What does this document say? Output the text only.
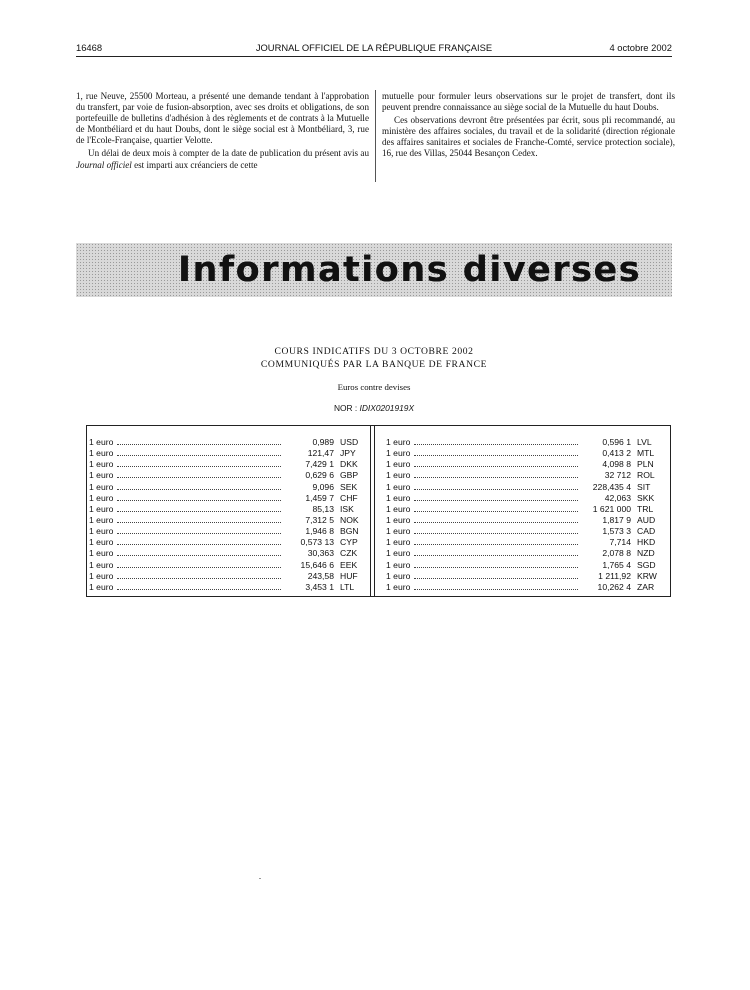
16468	JOURNAL OFFICIEL DE LA RÉPUBLIQUE FRANÇAISE	4 octobre 2002

1, rue Neuve, 25500 Morteau, a présenté une demande tendant à l'approbation du transfert, par voie de fusion-absorption, avec ses droits et obligations, de son portefeuille de bulletins d'adhésion à des règlements et de contrats à la Mutuelle de Montbéliard et du haut Doubs, dont le siège social est à Montbéliard, 3, rue de l'Ecole-Française, quartier Velotte.

Un délai de deux mois à compter de la date de publication du présent avis au Journal officiel est imparti aux créanciers de cette

mutuelle pour formuler leurs observations sur le projet de transfert, dont ils peuvent prendre connaissance au siège social de la Mutuelle du haut Doubs.

Ces observations devront être présentées par écrit, sous pli recommandé, au ministère des affaires sociales, du travail et de la solidarité (direction régionale des affaires sanitaires et sociales de Franche-Comté, service protection sociale), 16, rue des Villas, 25044 Besançon Cedex.

Informations diverses
COURS INDICATIFS DU 3 OCTOBRE 2002
COMMUNIQUÉS PAR LA BANQUE DE FRANCE
Euros contre devises
NOR : IDIX0201919X
1 euro	0,989 USD
1 euro	121,47 JPY
1 euro	7,429 1 DKK
1 euro	0,629 6 GBP
1 euro	9,096 SEK
1 euro	1,459 7 CHF
1 euro	85,13 ISK
1 euro	7,312 5 NOK
1 euro	1,946 8 BGN
1 euro	0,573 13 CYP
1 euro	30,363 CZK
1 euro	15,646 6 EEK
1 euro	243,58 HUF
1 euro	3,453 1 LTL
1 euro	0,596 1 LVL
1 euro	0,413 2 MTL
1 euro	4,098 8 PLN
1 euro	32 712 ROL
1 euro	228,435 4 SIT
1 euro	42,063 SKK
1 euro	1 621 000 TRL
1 euro	1,817 9 AUD
1 euro	1,573 3 CAD
1 euro	7,714 HKD
1 euro	2,078 8 NZD
1 euro	1,765 4 SGD
1 euro	1 211,92 KRW
1 euro	10,262 4 ZAR
